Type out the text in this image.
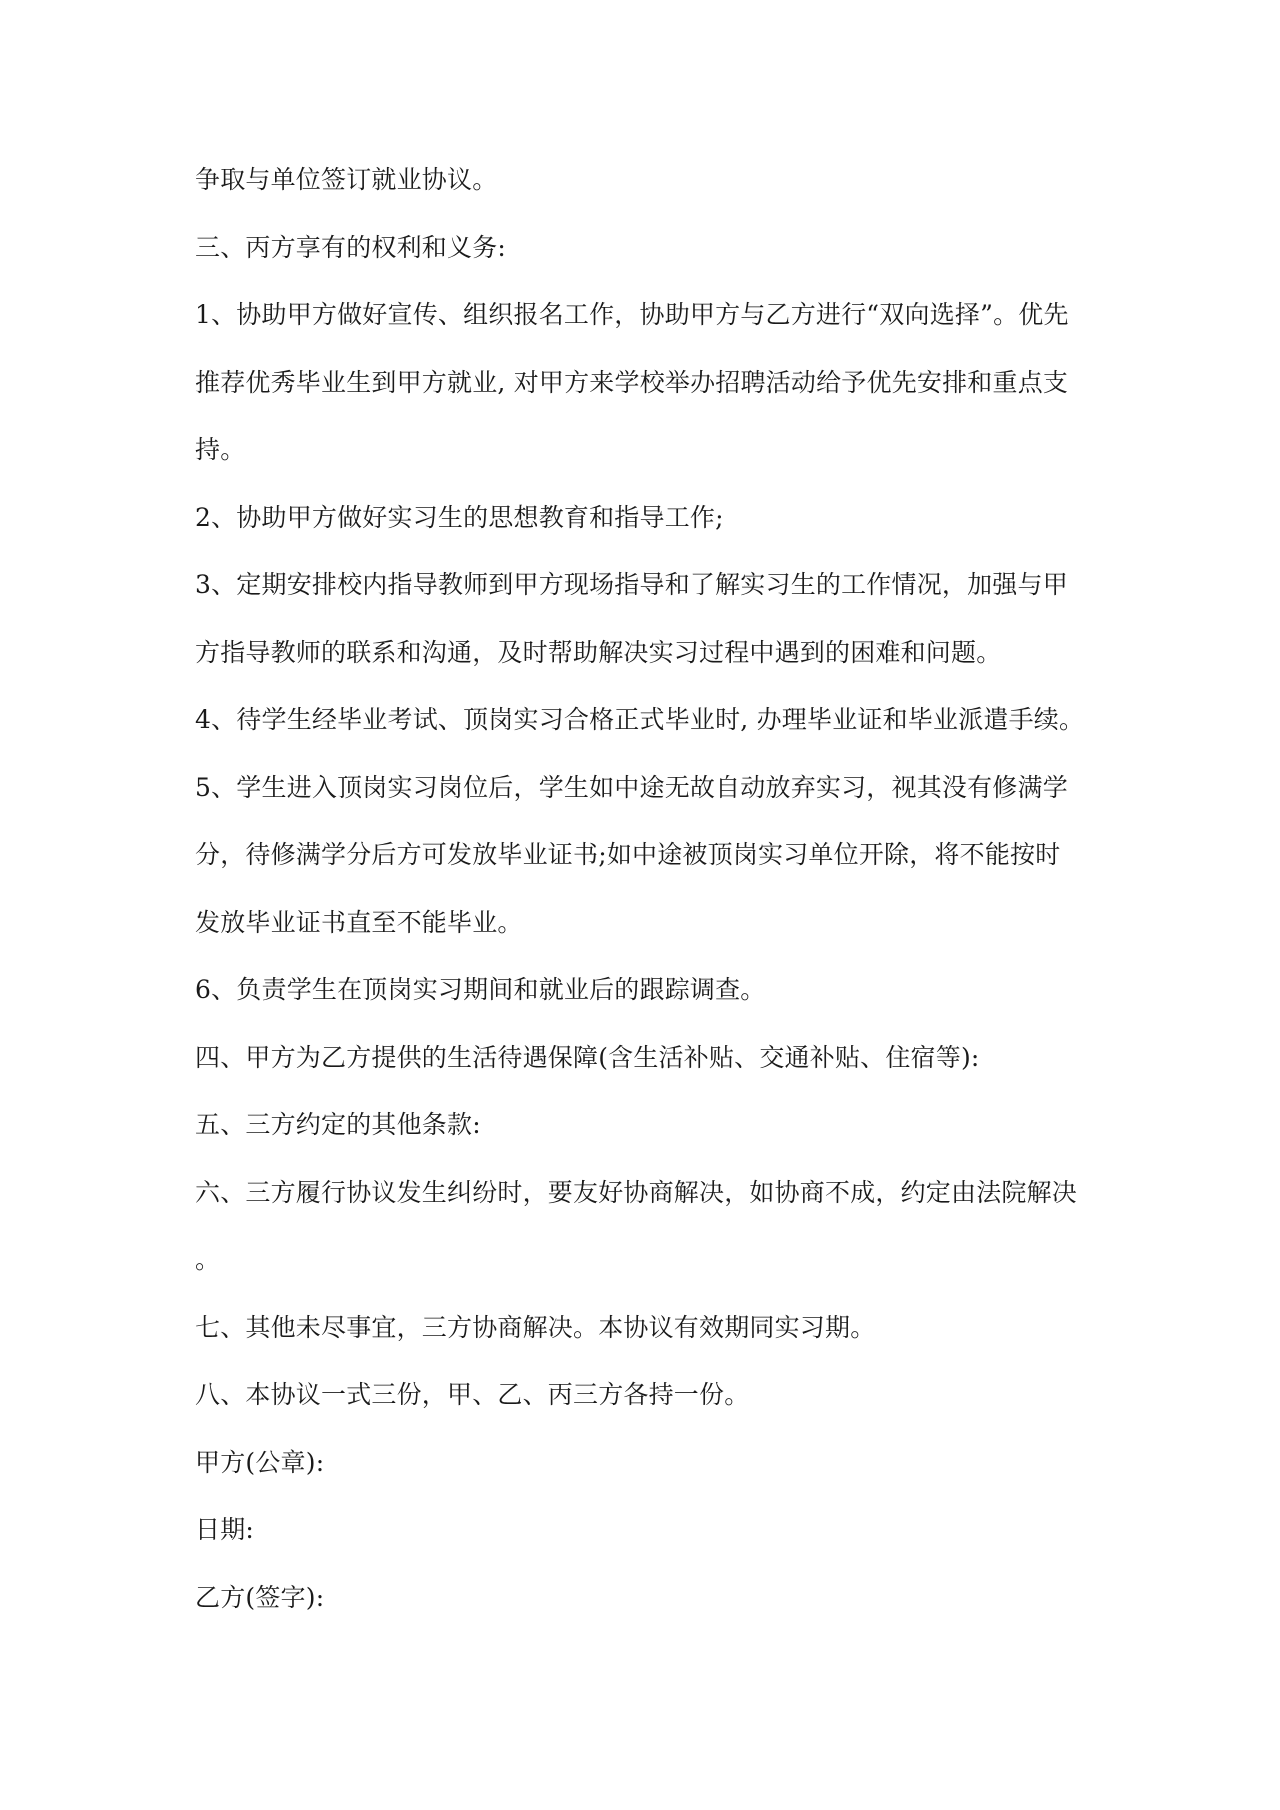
争取与单位签订就业协议。
三、丙方享有的权利和义务:
1、协助甲方做好宣传、组织报名工作，协助甲方与乙方进行“双向选择”。优先
推荐优秀毕业生到甲方就业, 对甲方来学校举办招聘活动给予优先安排和重点支
持。
2、协助甲方做好实习生的思想教育和指导工作;
3、定期安排校内指导教师到甲方现场指导和了解实习生的工作情况，加强与甲
方指导教师的联系和沟通，及时帮助解决实习过程中遇到的困难和问题。
4、待学生经毕业考试、顶岗实习合格正式毕业时, 办理毕业证和毕业派遣手续。
5、学生进入顶岗实习岗位后，学生如中途无故自动放弃实习，视其没有修满学
分，待修满学分后方可发放毕业证书;如中途被顶岗实习单位开除，将不能按时
发放毕业证书直至不能毕业。
6、负责学生在顶岗实习期间和就业后的跟踪调查。
四、甲方为乙方提供的生活待遇保障(含生活补贴、交通补贴、住宿等):
五、三方约定的其他条款:
六、三方履行协议发生纠纷时，要友好协商解决，如协商不成，约定由法院解决
。
七、其他未尽事宜，三方协商解决。本协议有效期同实习期。
八、本协议一式三份，甲、乙、丙三方各持一份。
甲方(公章):
日期:
乙方(签字):
